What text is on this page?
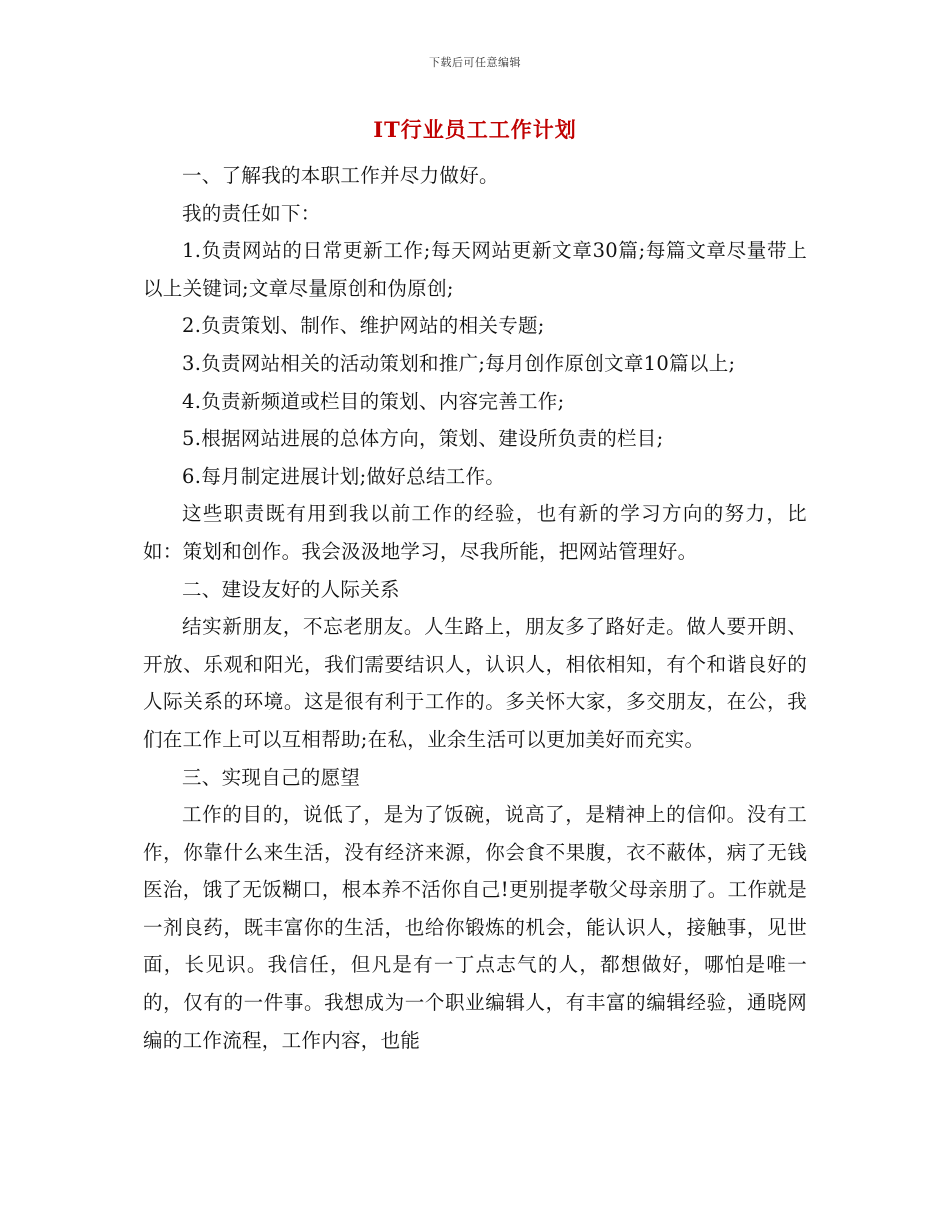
下载后可任意编辑
IT行业员工工作计划

一、了解我的本职工作并尽力做好。

我的责任如下：

1.负责网站的日常更新工作;每天网站更新文章30篇;每篇文章尽量带上以上关键词;文章尽量原创和伪原创;

2.负责策划、制作、维护网站的相关专题;

3.负责网站相关的活动策划和推广;每月创作原创文章10篇以上;

4.负责新频道或栏目的策划、内容完善工作;

5.根据网站进展的总体方向，策划、建设所负责的栏目;

6.每月制定进展计划;做好总结工作。

这些职责既有用到我以前工作的经验，也有新的学习方向的努力，比如：策划和创作。我会汲汲地学习，尽我所能，把网站管理好。

二、建设友好的人际关系

结实新朋友，不忘老朋友。人生路上，朋友多了路好走。做人要开朗、开放、乐观和阳光，我们需要结识人，认识人，相依相知，有个和谐良好的人际关系的环境。这是很有利于工作的。多关怀大家，多交朋友，在公，我们在工作上可以互相帮助;在私，业余生活可以更加美好而充实。

三、实现自己的愿望

工作的目的，说低了，是为了饭碗，说高了，是精神上的信仰。没有工作，你靠什么来生活，没有经济来源，你会食不果腹，衣不蔽体，病了无钱医治，饿了无饭糊口，根本养不活你自己!更别提孝敬父母亲朋了。工作就是一剂良药，既丰富你的生活，也给你锻炼的机会，能认识人，接触事，见世面，长见识。我信任，但凡是有一丁点志气的人，都想做好，哪怕是唯一的，仅有的一件事。我想成为一个职业编辑人，有丰富的编辑经验，通晓网编的工作流程，工作内容，也能
